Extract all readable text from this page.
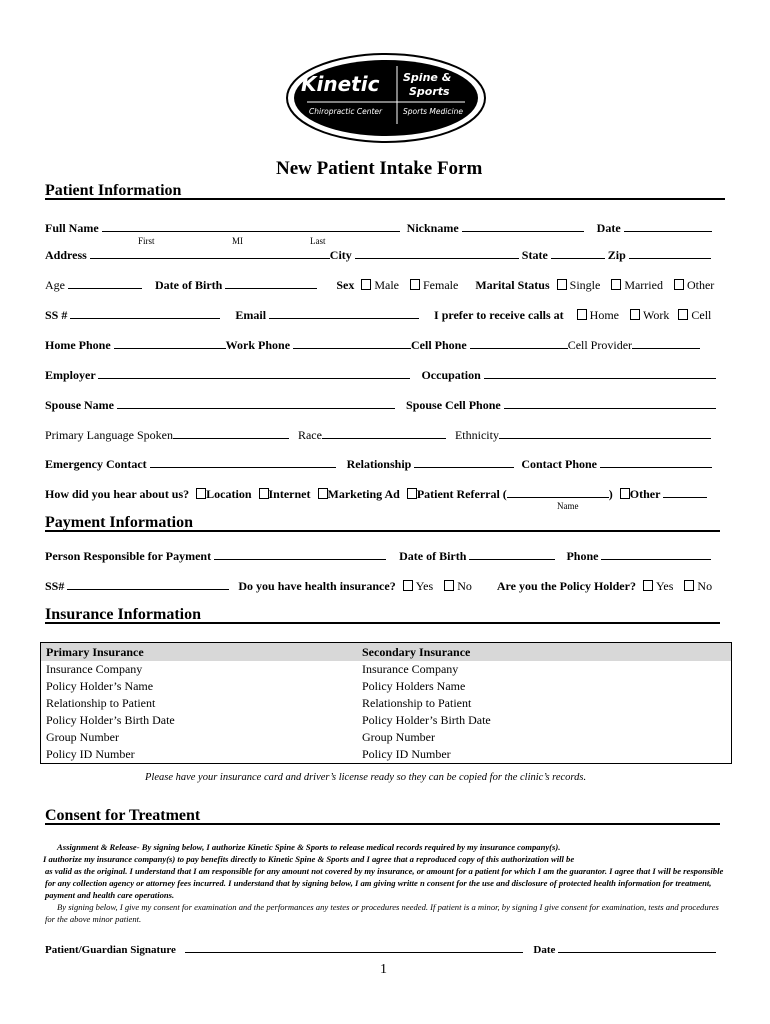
Kinetic Spine &
Sports
Chiropractic Center	Sports Medicine
New Patient Intake Form
Patient Information
Full Name	Nickname	Date
First	MI	Last
Address	City	State	Zip
Age	Date of Birth	Sex Male Female Marital Status Single Married Other
SS #	Email	I prefer to receive calls at Home Work Cell
Home Phone	Work Phone	Cell Phone	Cell Provider
Employer	Occupation
Spouse Name	Spouse Cell Phone
Primary Language Spoken	Race	Ethnicity
Emergency Contact	Relationship	Contact Phone
How did you hear about us? Location Internet Marketing Ad Patient Referral (	) Other
Name
Payment Information
Person Responsible for Payment	Date of Birth	Phone
SS#	Do you have health insurance? Yes No Are you the Policy Holder? Yes No
Insurance Information
Primary Insurance	Secondary Insurance
Insurance Company	Insurance Company
Policy Holder’s Name	Policy Holders Name
Relationship to Patient	Relationship to Patient
Policy Holder’s Birth Date	Policy Holder’s Birth Date
Group Number	Group Number
Policy ID Number	Policy ID Number
Please have your insurance card and driver’s license ready so they can be copied for the clinic’s records.
Consent for Treatment

Assignment & Release- By signing below, I authorize Kinetic Spine & Sports to release medical records required by my insurance company(s).

I authorize my insurance company(s) to pay benefits directly to Kinetic Spine & Sports and I agree that a reproduced copy of this authorization will be

as valid as the original. I understand that I am responsible for any amount not covered by my insurance, or amount for a patient for which I am the guarantor. I agree that I will be responsible for any collection agency or attorney fees incurred. I understand that by signing below, I am giving writte n consent for the use and disclosure of protected health information for treatment, payment and health care operations.

By signing below, I give my consent for examination and the performances any testes or procedures needed. If patient is a minor, by signing I give consent for examination, tests and procedures for the above minor patient.

Patient/Guardian Signature	Date
1
